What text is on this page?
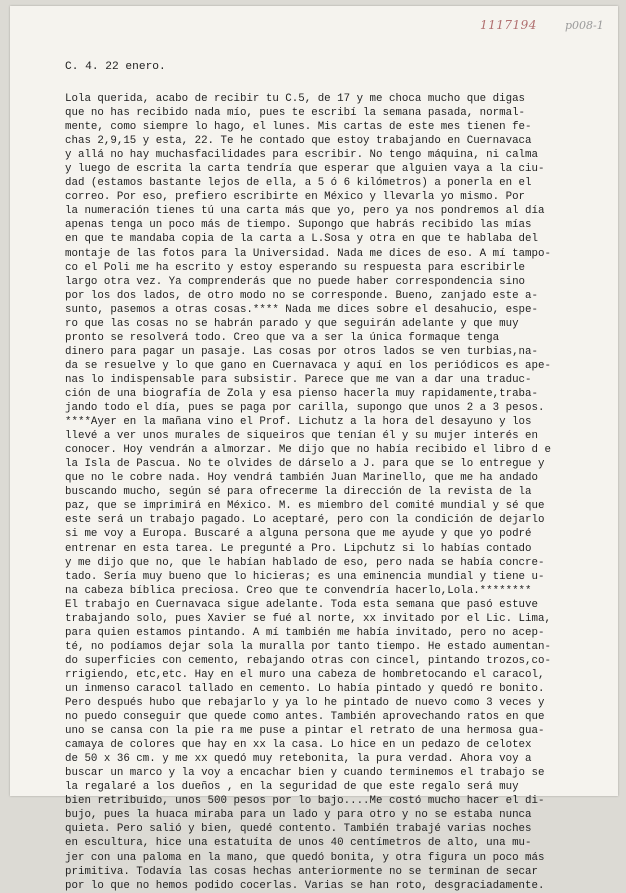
1117194	p008-1

C. 4. 22 enero.

Lola querida, acabo de recibir tu C.5, de 17 y me choca mucho que digas
que no has recibido nada mío, pues te escribí la semana pasada, normal-
mente, como siempre lo hago, el lunes. Mis cartas de este mes tienen fe-
chas 2,9,15 y esta, 22. Te he contado que estoy trabajando en Cuernavaca
y allá no hay muchasfacilidades para escribir. No tengo máquina, ni calma
y luego de escrita la carta tendría que esperar que alguien vaya a la ciu-
dad (estamos bastante lejos de ella, a 5 ó 6 kilómetros) a ponerla en el
correo. Por eso, prefiero escribirte en México y llevarla yo mismo. Por
la numeración tienes tú una carta más que yo, pero ya nos pondremos al día
apenas tenga un poco más de tiempo. Supongo que habrás recibido las mías
en que te mandaba copia de la carta a L.Sosa y otra en que te hablaba del
montaje de las fotos para la Universidad. Nada me dices de eso. A mí tampo-
co el Poli me ha escrito y estoy esperando su respuesta para escribirle
largo otra vez. Ya comprenderás que no puede haber correspondencia sino
por los dos lados, de otro modo no se corresponde. Bueno, zanjado este a-
sunto, pasemos a otras cosas.**** Nada me dices sobre el desahucio, espe-
ro que las cosas no se habrán parado y que seguirán adelante y que muy
pronto se resolverá todo. Creo que va a ser la única formaque tenga
dinero para pagar un pasaje. Las cosas por otros lados se ven turbias,na-
da se resuelve y lo que gano en Cuernavaca y aquí en los periódicos es ape-
nas lo indispensable para subsistir. Parece que me van a dar una traduc-
ción de una biografía de Zola y esa pienso hacerla muy rapidamente,traba-
jando todo el día, pues se paga por carilla, supongo que unos 2 a 3 pesos.
****Ayer en la mañana vino el Prof. Lichutz a la hora del desayuno y los
llevé a ver unos murales de siqueiros que tenían él y su mujer interés en
conocer. Hoy vendrán a almorzar. Me dijo que no había recibido el libro d e
la Isla de Pascua. No te olvides de dárselo a J. para que se lo entregue y
que no le cobre nada. Hoy vendrá también Juan Marinello, que me ha andado
buscando mucho, según sé para ofrecerme la dirección de la revista de la
paz, que se imprimirá en México. M. es miembro del comité mundial y sé que
este será un trabajo pagado. Lo aceptaré, pero con la condición de dejarlo
si me voy a Europa. Buscaré a alguna persona que me ayude y que yo podré
entrenar en esta tarea. Le pregunté a Pro. Lipchutz si lo habías contado
y me dijo que no, que le habían hablado de eso, pero nada se había concre-
tado. Sería muy bueno que lo hicieras; es una eminencia mundial y tiene u-
na cabeza bíblica preciosa. Creo que te convendría hacerlo,Lola.********
El trabajo en Cuernavaca sigue adelante. Toda esta semana que pasó estuve
trabajando solo, pues Xavier se fué al norte, xx invitado por el Lic. Lima,
para quien estamos pintando. A mí también me había invitado, pero no acep-
té, no podíamos dejar sola la muralla por tanto tiempo. He estado aumentan-
do superficies con cemento, rebajando otras con cincel, pintando trozos,co-
rrigiendo, etc,etc. Hay en el muro una cabeza de hombretocando el caracol,
un inmenso caracol tallado en cemento. Lo había pintado y quedó re bonito.
Pero después hubo que rebajarlo y ya lo he pintado de nuevo como 3 veces y
no puedo conseguir que quede como antes. También aprovechando ratos en que
uno se cansa con la pie ra me puse a pintar el retrato de una hermosa gua-
camaya de colores que hay en xx la casa. Lo hice en un pedazo de celotex
de 50 x 36 cm. y me xx quedó muy retebonita, la pura verdad. Ahora voy a
buscar un marco y la voy a encachar bien y cuando terminemos el trabajo se
la regalaré a los dueños , en la seguridad de que este regalo será muy
bien retribuido, unos 500 pesos por lo bajo....Me costó mucho hacer el di-
bujo, pues la huaca miraba para un lado y para otro y no se estaba nunca
quieta. Pero salió y bien, quedé contento. También trabajé varias noches
en escultura, hice una estatuíta de unos 40 centímetros de alto, una mu-
jer con una paloma en la mano, que quedó bonita, y otra figura un poco más
primitiva. Todavía las cosas hechas anteriormente no se terminan de secar
por lo que no hemos podido cocerlas. Varias se han roto, desgraciadamente.
